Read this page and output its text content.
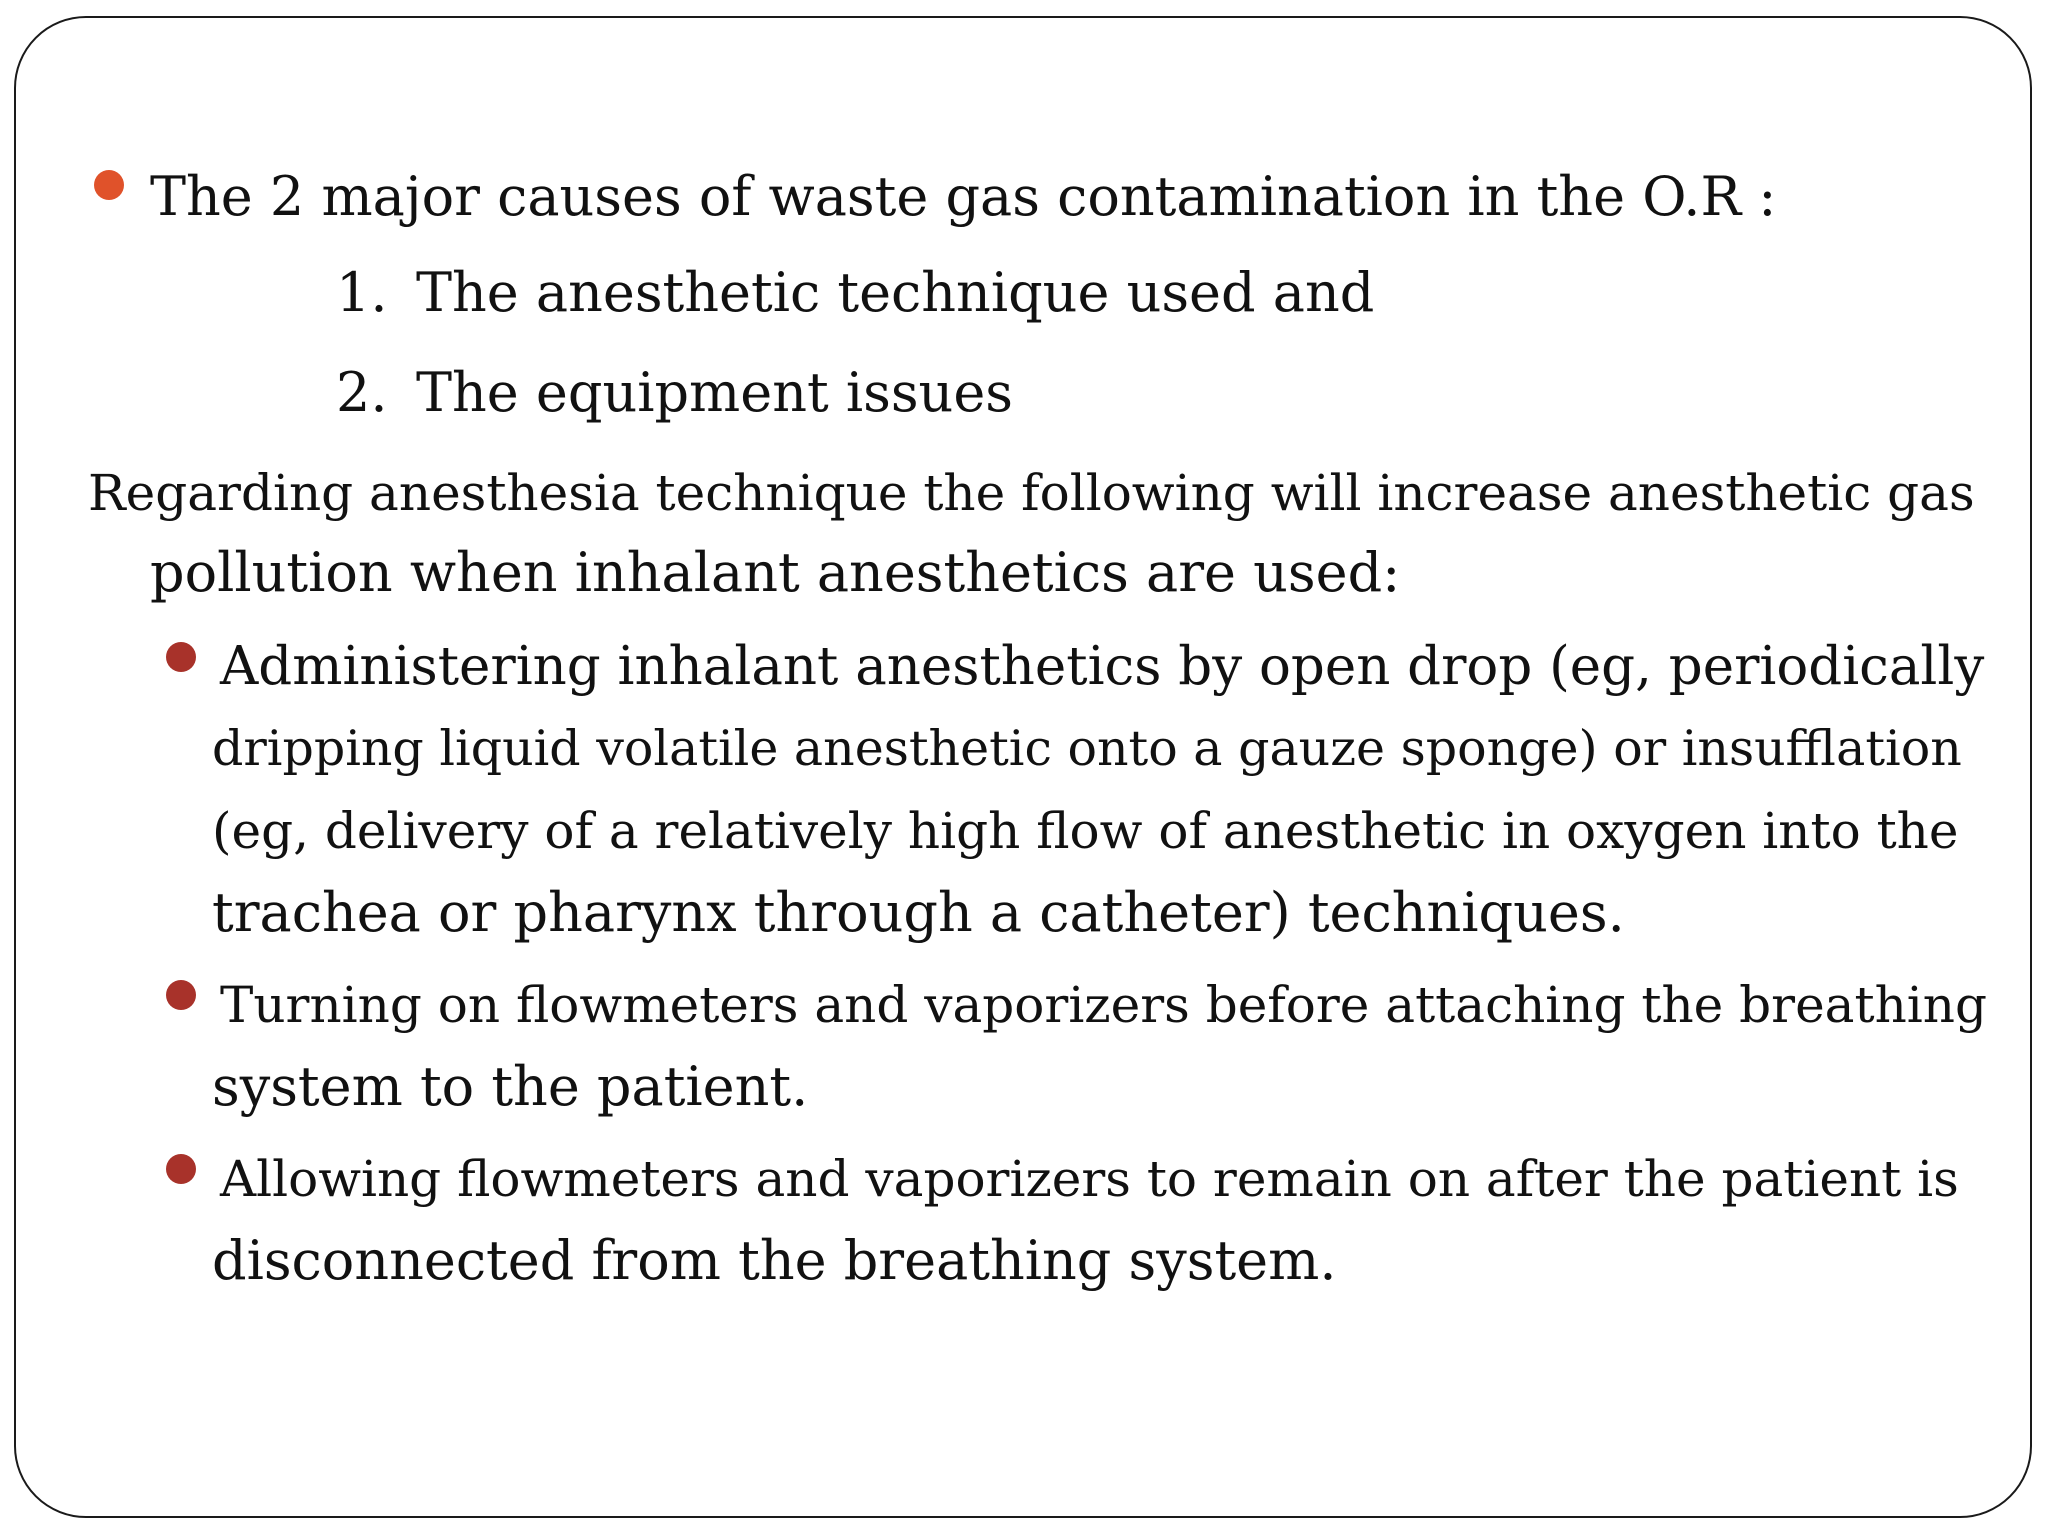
The 2 major causes of waste gas contamination in the O.R :
1. The anesthetic technique used and
2. The equipment issues
Regarding anesthesia technique the following will increase anesthetic gas
pollution when inhalant anesthetics are used:
Administering inhalant anesthetics by open drop (eg, periodically
dripping liquid volatile anesthetic onto a gauze sponge) or insufflation
(eg, delivery of a relatively high flow of anesthetic in oxygen into the
trachea or pharynx through a catheter) techniques.
Turning on flowmeters and vaporizers before attaching the breathing
system to the patient.
Allowing flowmeters and vaporizers to remain on after the patient is
disconnected from the breathing system.
